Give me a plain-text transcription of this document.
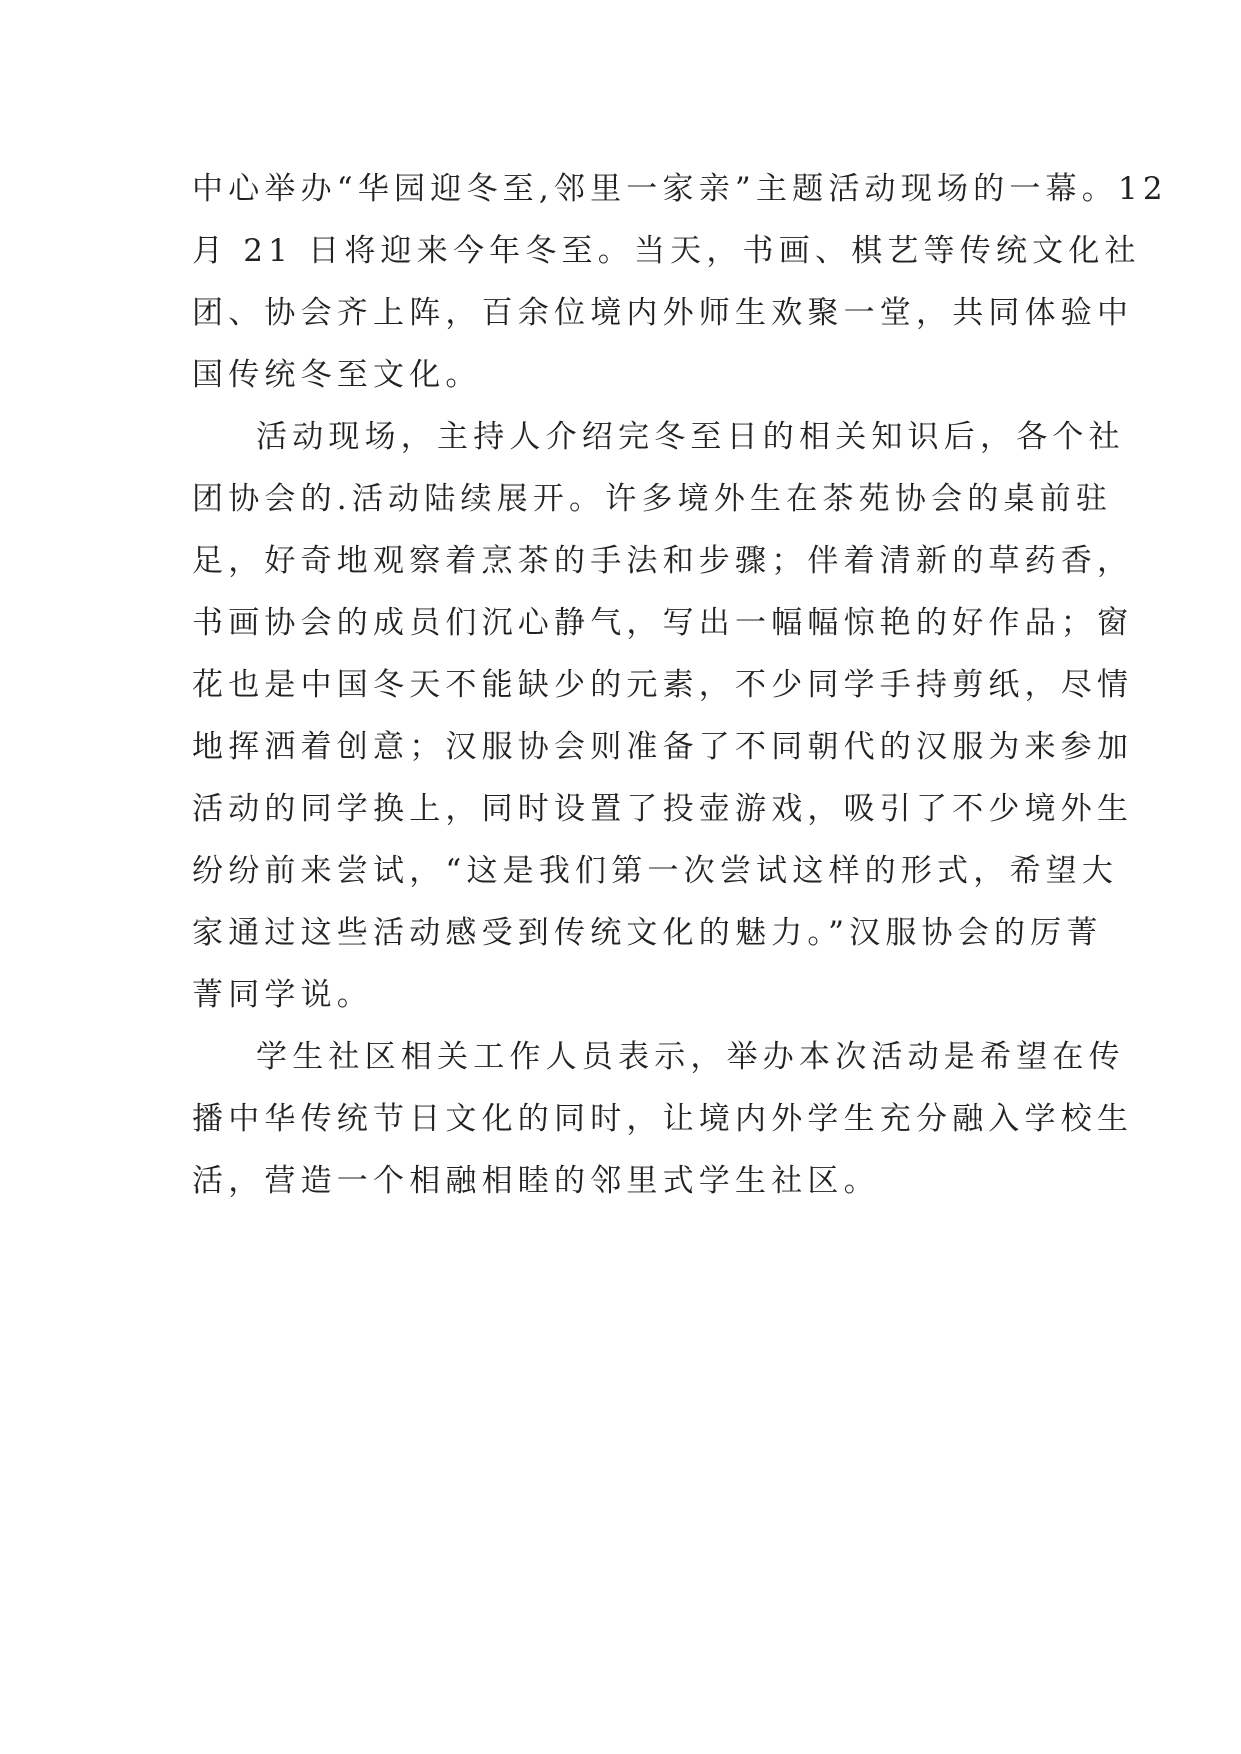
中心举办“华园迎冬至,邻里一家亲”主题活动现场的一幕。12
月 21 日将迎来今年冬至。当天，书画、棋艺等传统文化社
团、协会齐上阵，百余位境内外师生欢聚一堂，共同体验中
国传统冬至文化。
活动现场，主持人介绍完冬至日的相关知识后，各个社
团协会的.活动陆续展开。许多境外生在茶苑协会的桌前驻
足，好奇地观察着烹茶的手法和步骤；伴着清新的草药香，
书画协会的成员们沉心静气，写出一幅幅惊艳的好作品；窗
花也是中国冬天不能缺少的元素，不少同学手持剪纸，尽情
地挥洒着创意；汉服协会则准备了不同朝代的汉服为来参加
活动的同学换上，同时设置了投壶游戏，吸引了不少境外生
纷纷前来尝试，“这是我们第一次尝试这样的形式，希望大
家通过这些活动感受到传统文化的魅力。”汉服协会的厉菁
菁同学说。
学生社区相关工作人员表示，举办本次活动是希望在传
播中华传统节日文化的同时，让境内外学生充分融入学校生
活，营造一个相融相睦的邻里式学生社区。
